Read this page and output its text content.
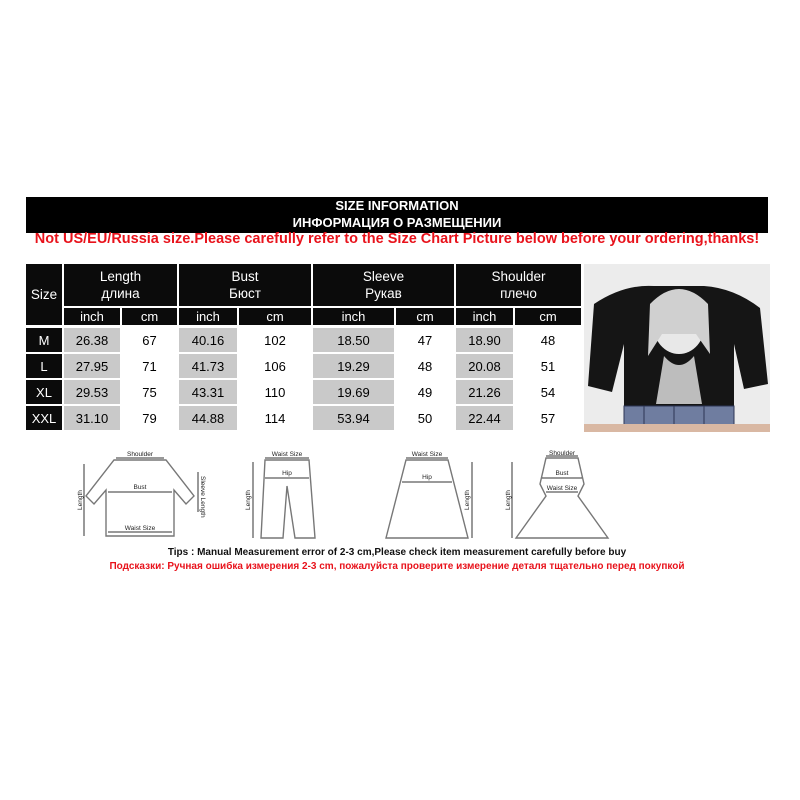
SIZE INFORMATION
ИНФОРМАЦИЯ О РАЗМЕЩЕНИИ
Not US/EU/Russia size.Please carefully refer to the Size Chart Picture below before your ordering,thanks!
Size
Length
длина
Bust
Бюст
Sleeve
Рукав
Shoulder
плечо
inch	cm	inch	cm	inch	cm	inch	cm
M	26.38	67	40.16	102	18.50	47	18.90	48
L	27.95	71	41.73	106	19.29	48	20.08	51
XL	29.53	75	43.31	110	19.69	49	21.26	54
XXL	31.10	79	44.88	114	53.94	50	22.44	57
Shoulder
Bust
Waist Size
Length	Sleeve Length
Waist Size
Hip
Length
Waist Size
Hip
Length
Shoulder
Bust
Waist Size
Length
Tips : Manual Measurement error of 2-3 cm,Please check item measurement carefully before buy
Подсказки: Ручная ошибка измерения 2-3 cm, пожалуйста проверите измерение деталя тщательно перед покупкой
